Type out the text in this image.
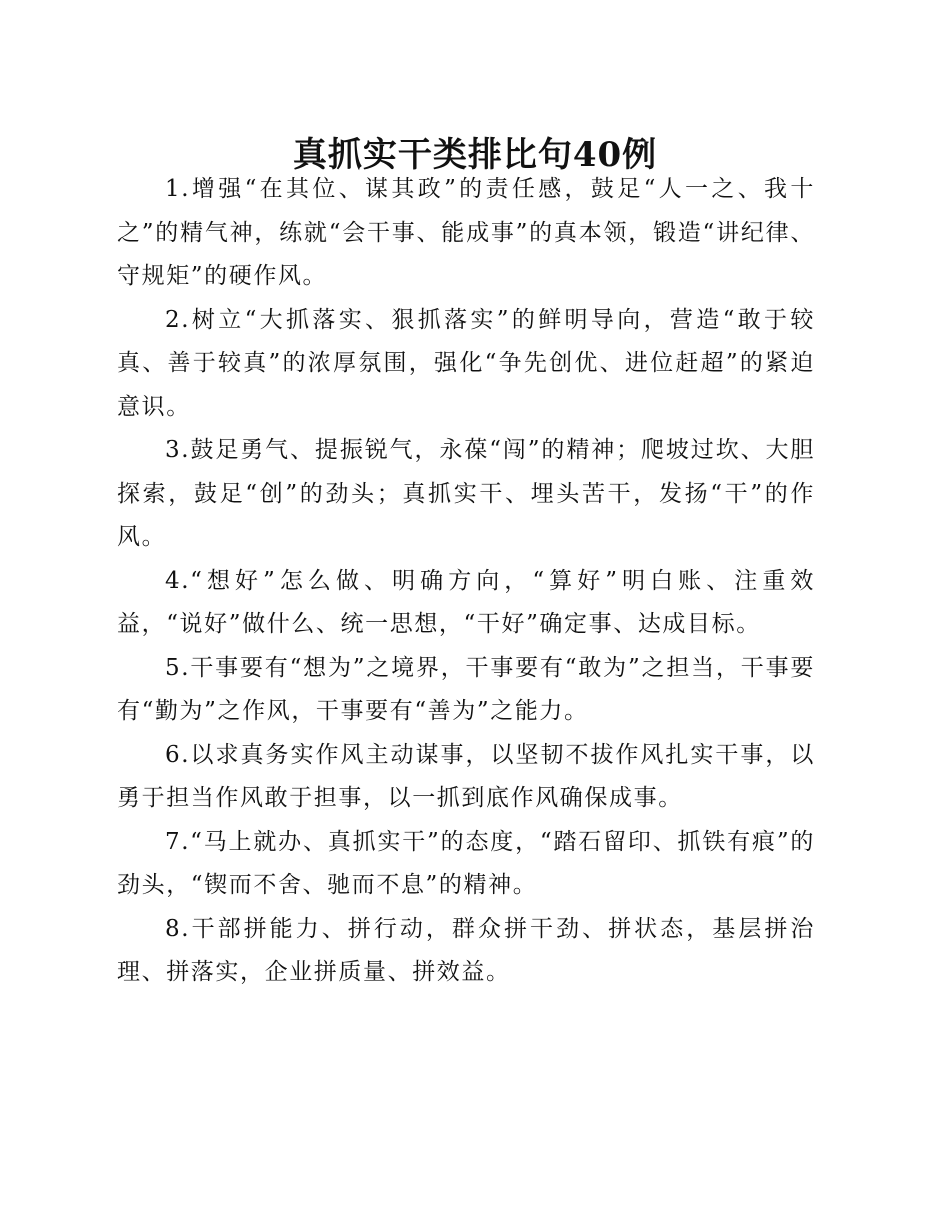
真抓实干类排比句40例

1.增强“在其位、谋其政”的责任感，鼓足“人一之、我十之”的精气神，练就“会干事、能成事”的真本领，锻造“讲纪律、守规矩”的硬作风。

2.树立“大抓落实、狠抓落实”的鲜明导向，营造“敢于较真、善于较真”的浓厚氛围，强化“争先创优、进位赶超”的紧迫意识。

3.鼓足勇气、提振锐气，永葆“闯”的精神；爬坡过坎、大胆探索，鼓足“创”的劲头；真抓实干、埋头苦干，发扬“干”的作风。

4.“想好”怎么做、明确方向，“算好”明白账、注重效益，“说好”做什么、统一思想，“干好”确定事、达成目标。

5.干事要有“想为”之境界，干事要有“敢为”之担当，干事要有“勤为”之作风，干事要有“善为”之能力。

6.以求真务实作风主动谋事，以坚韧不拔作风扎实干事，以勇于担当作风敢于担事，以一抓到底作风确保成事。

7.“马上就办、真抓实干”的态度，“踏石留印、抓铁有痕”的劲头，“锲而不舍、驰而不息”的精神。

8.干部拼能力、拼行动，群众拼干劲、拼状态，基层拼治理、拼落实，企业拼质量、拼效益。
